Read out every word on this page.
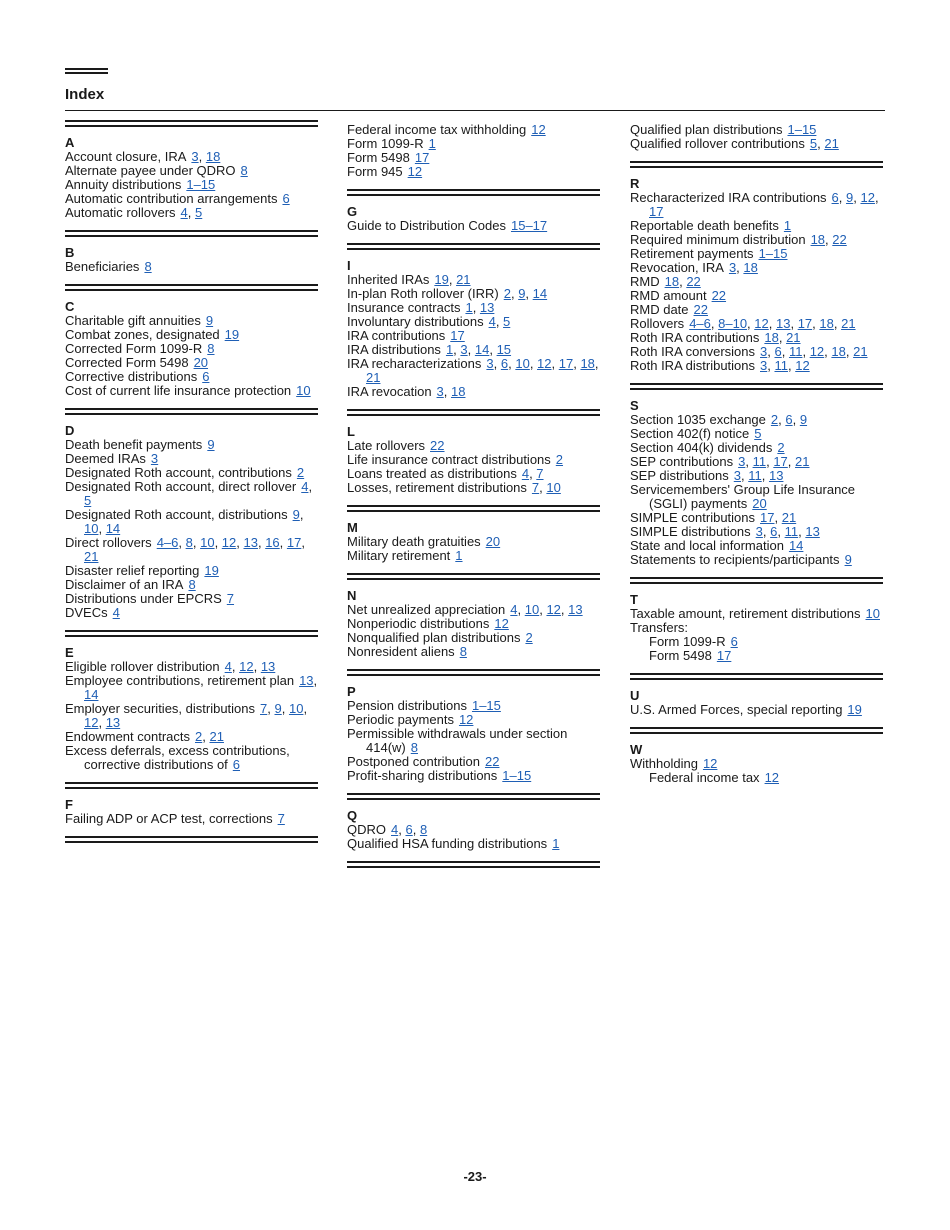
Index
A
Account closure, IRA 3, 18
Alternate payee under QDRO 8
Annuity distributions 1–15
Automatic contribution arrangements 6
Automatic rollovers 4, 5
B
Beneficiaries 8
C
Charitable gift annuities 9
Combat zones, designated 19
Corrected Form 1099-R 8
Corrected Form 5498 20
Corrective distributions 6
Cost of current life insurance protection 10
D
Death benefit payments 9
Deemed IRAs 3
Designated Roth account, contributions 2
Designated Roth account, direct rollover 4, 5
Designated Roth account, distributions 9, 10, 14
Direct rollovers 4–6, 8, 10, 12, 13, 16, 17, 21
Disaster relief reporting 19
Disclaimer of an IRA 8
Distributions under EPCRS 7
DVECs 4
E
Eligible rollover distribution 4, 12, 13
Employee contributions, retirement plan 13, 14
Employer securities, distributions 7, 9, 10, 12, 13
Endowment contracts 2, 21
Excess deferrals, excess contributions, corrective distributions of 6
F
Failing ADP or ACP test, corrections 7
Federal income tax withholding 12
Form 1099-R 1
Form 5498 17
Form 945 12
G
Guide to Distribution Codes 15–17
I
Inherited IRAs 19, 21
In-plan Roth rollover (IRR) 2, 9, 14
Insurance contracts 1, 13
Involuntary distributions 4, 5
IRA contributions 17
IRA distributions 1, 3, 14, 15
IRA recharacterizations 3, 6, 10, 12, 17, 18, 21
IRA revocation 3, 18
L
Late rollovers 22
Life insurance contract distributions 2
Loans treated as distributions 4, 7
Losses, retirement distributions 7, 10
M
Military death gratuities 20
Military retirement 1
N
Net unrealized appreciation 4, 10, 12, 13
Nonperiodic distributions 12
Nonqualified plan distributions 2
Nonresident aliens 8
P
Pension distributions 1–15
Periodic payments 12
Permissible withdrawals under section 414(w) 8
Postponed contribution 22
Profit-sharing distributions 1–15
Q
QDRO 4, 6, 8
Qualified HSA funding distributions 1
Qualified plan distributions 1–15
Qualified rollover contributions 5, 21
R
Recharacterized IRA contributions 6, 9, 12, 17
Reportable death benefits 1
Required minimum distribution 18, 22
Retirement payments 1–15
Revocation, IRA 3, 18
RMD 18, 22
RMD amount 22
RMD date 22
Rollovers 4–6, 8–10, 12, 13, 17, 18, 21
Roth IRA contributions 18, 21
Roth IRA conversions 3, 6, 11, 12, 18, 21
Roth IRA distributions 3, 11, 12
S
Section 1035 exchange 2, 6, 9
Section 402(f) notice 5
Section 404(k) dividends 2
SEP contributions 3, 11, 17, 21
SEP distributions 3, 11, 13
Servicemembers' Group Life Insurance (SGLI) payments 20
SIMPLE contributions 17, 21
SIMPLE distributions 3, 6, 11, 13
State and local information 14
Statements to recipients/participants 9
T
Taxable amount, retirement distributions 10
Transfers:
Form 1099-R 6
Form 5498 17
U
U.S. Armed Forces, special reporting 19
W
Withholding 12
Federal income tax 12
-23-
